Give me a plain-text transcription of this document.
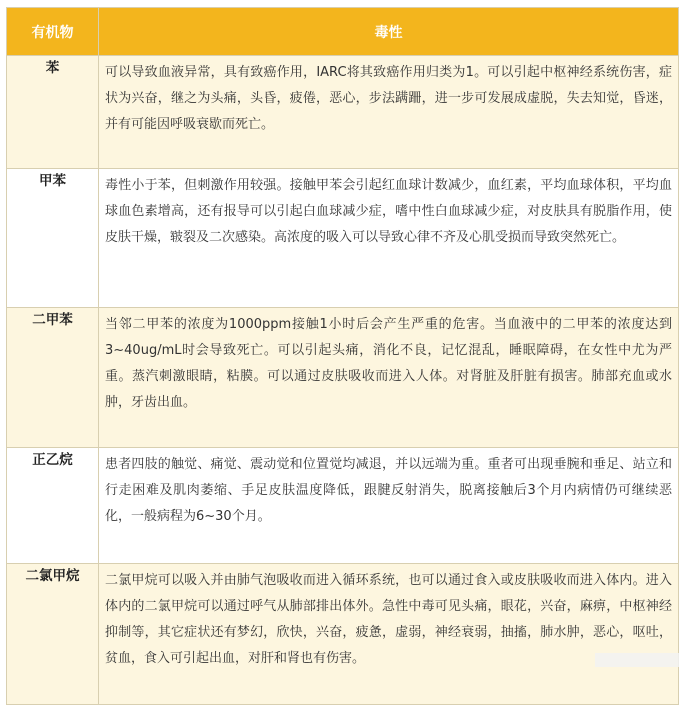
有机物	毒性
苯	可以导致血液异常，具有致癌作用，IARC将其致癌作用归类为1。可以引起中枢神经系统伤害，症状为兴奋，继之为头痛，头昏，疲倦，恶心，步法蹒跚，进一步可发展成虚脱，失去知觉，昏迷，并有可能因呼吸衰歇而死亡。
甲苯	毒性小于苯，但刺激作用较强。接触甲苯会引起红血球计数减少，血红素，平均血球体积，平均血球血色素增高，还有报导可以引起白血球减少症，嗜中性白血球减少症，对皮肤具有脱脂作用，使皮肤干燥，皲裂及二次感染。高浓度的吸入可以导致心律不齐及心肌受损而导致突然死亡。
二甲苯	当邻二甲苯的浓度为1000ppm接触1小时后会产生严重的危害。当血液中的二甲苯的浓度达到3~40ug/mL时会导致死亡。可以引起头痛，消化不良，记忆混乱，睡眠障碍，在女性中尤为严重。蒸汽刺激眼睛，粘膜。可以通过皮肤吸收而进入人体。对肾脏及肝脏有损害。肺部充血或水肿，牙齿出血。
正乙烷	患者四肢的触觉、痛觉、震动觉和位置觉均减退，并以远端为重。重者可出现垂腕和垂足、站立和行走困难及肌肉萎缩、手足皮肤温度降低，跟腱反射消失，脱离接触后3个月内病情仍可继续恶化，一般病程为6~30个月。
二氯甲烷	二氯甲烷可以吸入并由肺气泡吸收而进入循环系统，也可以通过食入或皮肤吸收而进入体内。进入体内的二氯甲烷可以通过呼气从肺部排出体外。急性中毒可见头痛，眼花，兴奋，麻痹，中枢神经抑制等，其它症状还有梦幻，欣快，兴奋，疲惫，虚弱，神经衰弱，抽搐，肺水肿，恶心，呕吐，贫血，食入可引起出血，对肝和肾也有伤害。
